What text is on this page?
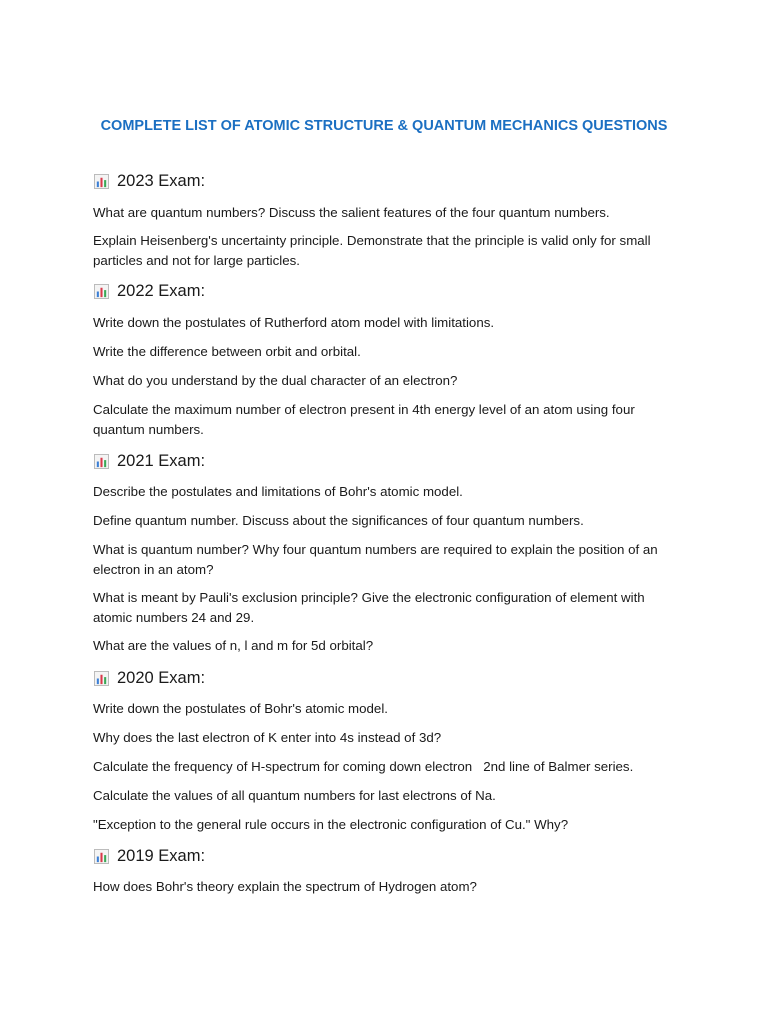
COMPLETE LIST OF ATOMIC STRUCTURE & QUANTUM MECHANICS QUESTIONS
2023 Exam:
What are quantum numbers? Discuss the salient features of the four quantum numbers.
Explain Heisenberg's uncertainty principle. Demonstrate that the principle is valid only for small particles and not for large particles.
2022 Exam:
Write down the postulates of Rutherford atom model with limitations.
Write the difference between orbit and orbital.
What do you understand by the dual character of an electron?
Calculate the maximum number of electron present in 4th energy level of an atom using four quantum numbers.
2021 Exam:
Describe the postulates and limitations of Bohr's atomic model.
Define quantum number. Discuss about the significances of four quantum numbers.
What is quantum number? Why four quantum numbers are required to explain the position of an electron in an atom?
What is meant by Pauli's exclusion principle? Give the electronic configuration of element with atomic numbers 24 and 29.
What are the values of n, l and m for 5d orbital?
2020 Exam:
Write down the postulates of Bohr's atomic model.
Why does the last electron of K enter into 4s instead of 3d?
Calculate the frequency of H-spectrum for coming down electron   2nd line of Balmer series.
Calculate the values of all quantum numbers for last electrons of Na.
"Exception to the general rule occurs in the electronic configuration of Cu." Why?
2019 Exam:
How does Bohr's theory explain the spectrum of Hydrogen atom?
